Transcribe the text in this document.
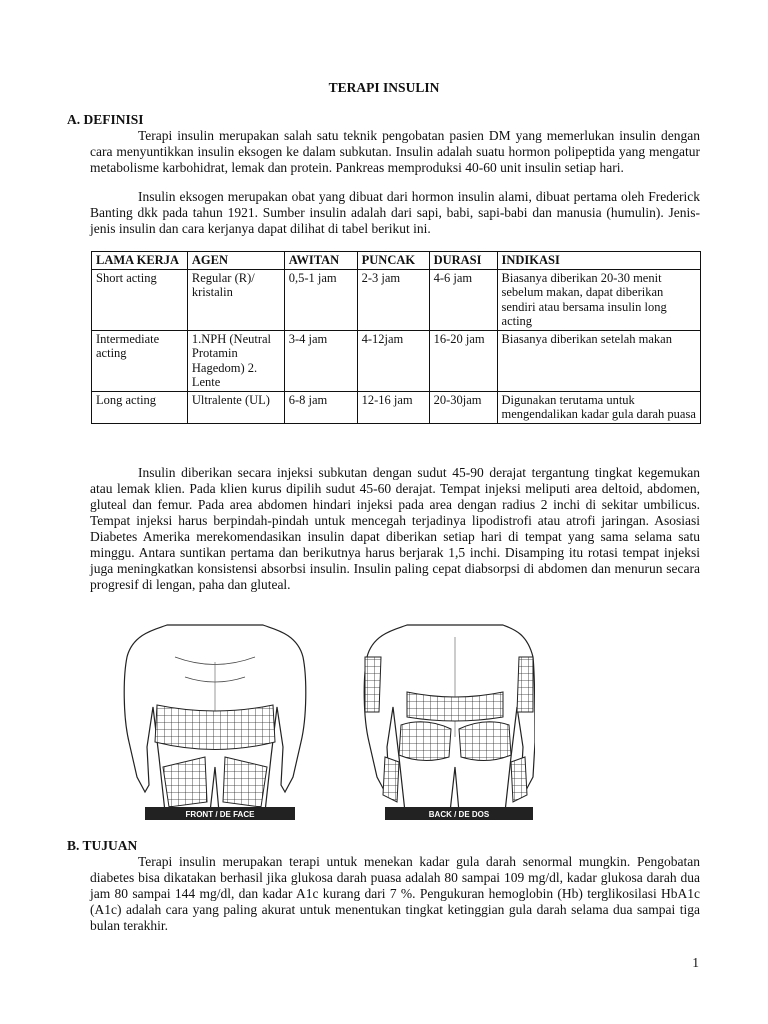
TERAPI INSULIN
A. DEFINISI
Terapi insulin merupakan salah satu teknik pengobatan pasien DM yang memerlukan insulin dengan cara menyuntikkan insulin eksogen ke dalam subkutan. Insulin adalah suatu hormon polipeptida yang mengatur metabolisme karbohidrat, lemak dan protein. Pankreas memproduksi 40-60 unit insulin setiap hari.
Insulin eksogen merupakan obat yang dibuat dari hormon insulin alami, dibuat pertama oleh Frederick Banting dkk pada tahun 1921. Sumber insulin adalah dari sapi, babi, sapi-babi dan manusia (humulin). Jenis-jenis insulin dan cara kerjanya dapat dilihat di tabel berikut ini.
LAMA KERJA	AGEN	AWITAN	PUNCAK	DURASI	INDIKASI
Short acting	Regular (R)/ kristalin	0,5-1 jam	2-3 jam	4-6 jam	Biasanya diberikan 20-30 menit sebelum makan, dapat diberikan sendiri atau bersama insulin long acting
Intermediate acting	1.NPH (Neutral Protamin Hagedom) 2. Lente	3-4 jam	4-12jam	16-20 jam	Biasanya diberikan setelah makan
Long acting	Ultralente (UL)	6-8 jam	12-16 jam	20-30jam	Digunakan terutama untuk mengendalikan kadar gula darah puasa
Insulin diberikan secara injeksi subkutan dengan sudut 45-90 derajat tergantung tingkat kegemukan atau lemak klien. Pada klien kurus dipilih sudut 45-60 derajat. Tempat injeksi meliputi area deltoid, abdomen, gluteal dan femur. Pada area abdomen hindari injeksi pada area dengan radius 2 inchi di sekitar umbilicus. Tempat injeksi harus berpindah-pindah untuk mencegah terjadinya lipodistrofi atau atrofi jaringan. Asosiasi Diabetes Amerika merekomendasikan insulin dapat diberikan setiap hari di tempat yang sama selama satu minggu. Antara suntikan pertama dan berikutnya harus berjarak 1,5 inchi. Disamping itu rotasi tempat injeksi juga meningkatkan konsistensi absorbsi insulin. Insulin paling cepat diabsorpsi di abdomen dan menurun secara progresif di lengan, paha dan gluteal.
FRONT / DE FACE	BACK / DE DOS
B. TUJUAN
Terapi insulin merupakan terapi untuk menekan kadar gula darah senormal mungkin. Pengobatan diabetes bisa dikatakan berhasil jika glukosa darah puasa adalah 80 sampai 109 mg/dl, kadar glukosa darah dua jam 80 sampai 144 mg/dl, dan kadar A1c kurang dari 7 %. Pengukuran hemoglobin (Hb) terglikosilasi HbA1c (A1c) adalah cara yang paling akurat untuk menentukan tingkat ketinggian gula darah selama dua sampai tiga bulan terakhir.
1
